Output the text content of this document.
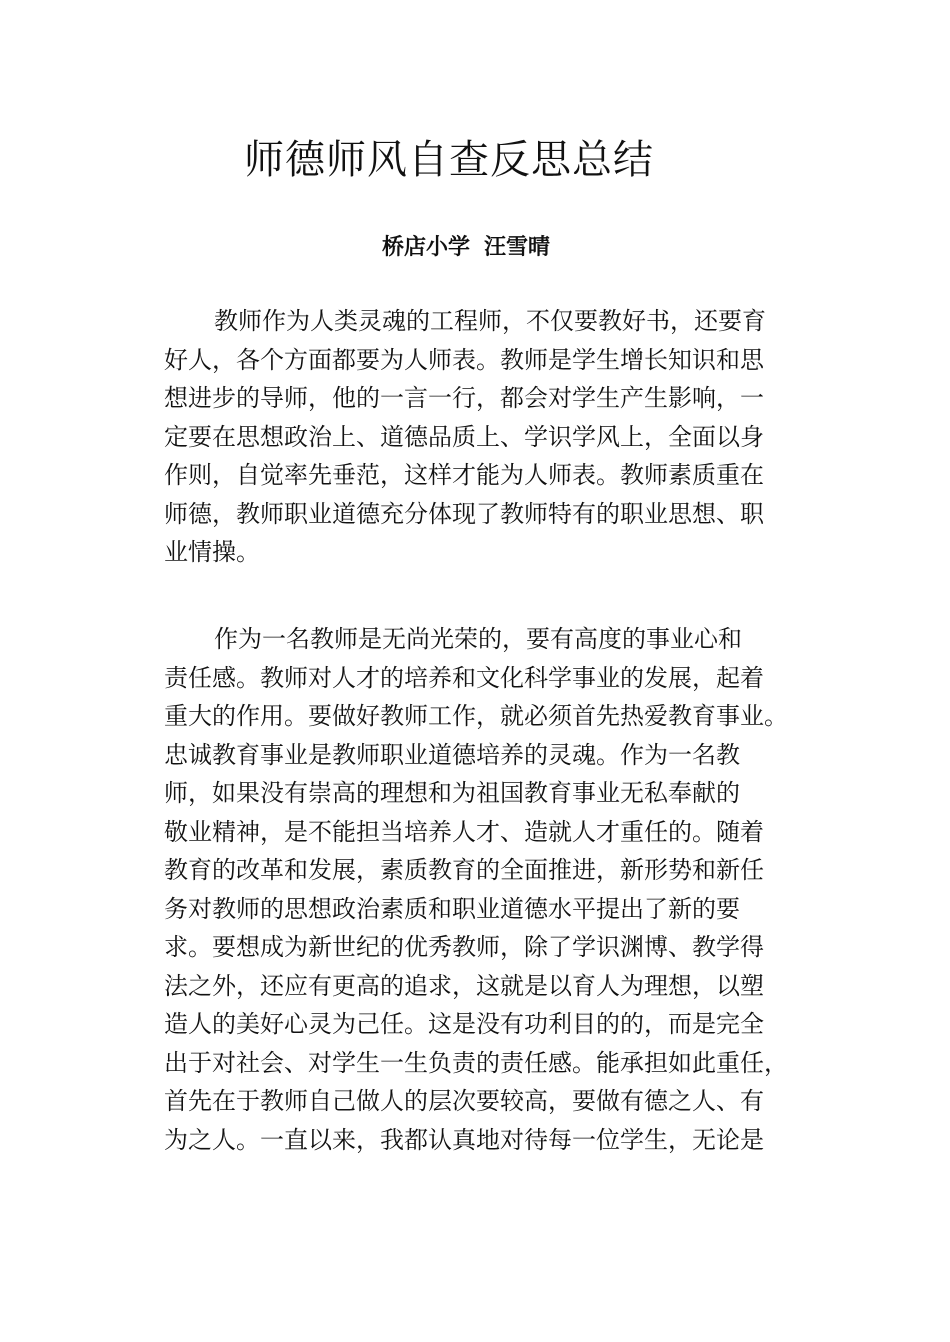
师德师风自查反思总结
桥店小学 汪雪晴
教师作为人类灵魂的工程师，不仅要教好书，还要育
好人，各个方面都要为人师表。教师是学生增长知识和思
想进步的导师，他的一言一行，都会对学生产生影响，一
定要在思想政治上、道德品质上、学识学风上，全面以身
作则，自觉率先垂范，这样才能为人师表。教师素质重在
师德，教师职业道德充分体现了教师特有的职业思想、职
业情操。
作为一名教师是无尚光荣的，要有高度的事业心和
责任感。教师对人才的培养和文化科学事业的发展，起着
重大的作用。要做好教师工作，就必须首先热爱教育事业。
忠诚教育事业是教师职业道德培养的灵魂。作为一名教
师，如果没有崇高的理想和为祖国教育事业无私奉献的
敬业精神，是不能担当培养人才、造就人才重任的。随着
教育的改革和发展，素质教育的全面推进，新形势和新任
务对教师的思想政治素质和职业道德水平提出了新的要
求。要想成为新世纪的优秀教师，除了学识渊博、教学得
法之外，还应有更高的追求，这就是以育人为理想，以塑
造人的美好心灵为己任。这是没有功利目的的，而是完全
出于对社会、对学生一生负责的责任感。能承担如此重任，
首先在于教师自己做人的层次要较高，要做有德之人、有
为之人。一直以来，我都认真地对待每一位学生，无论是
